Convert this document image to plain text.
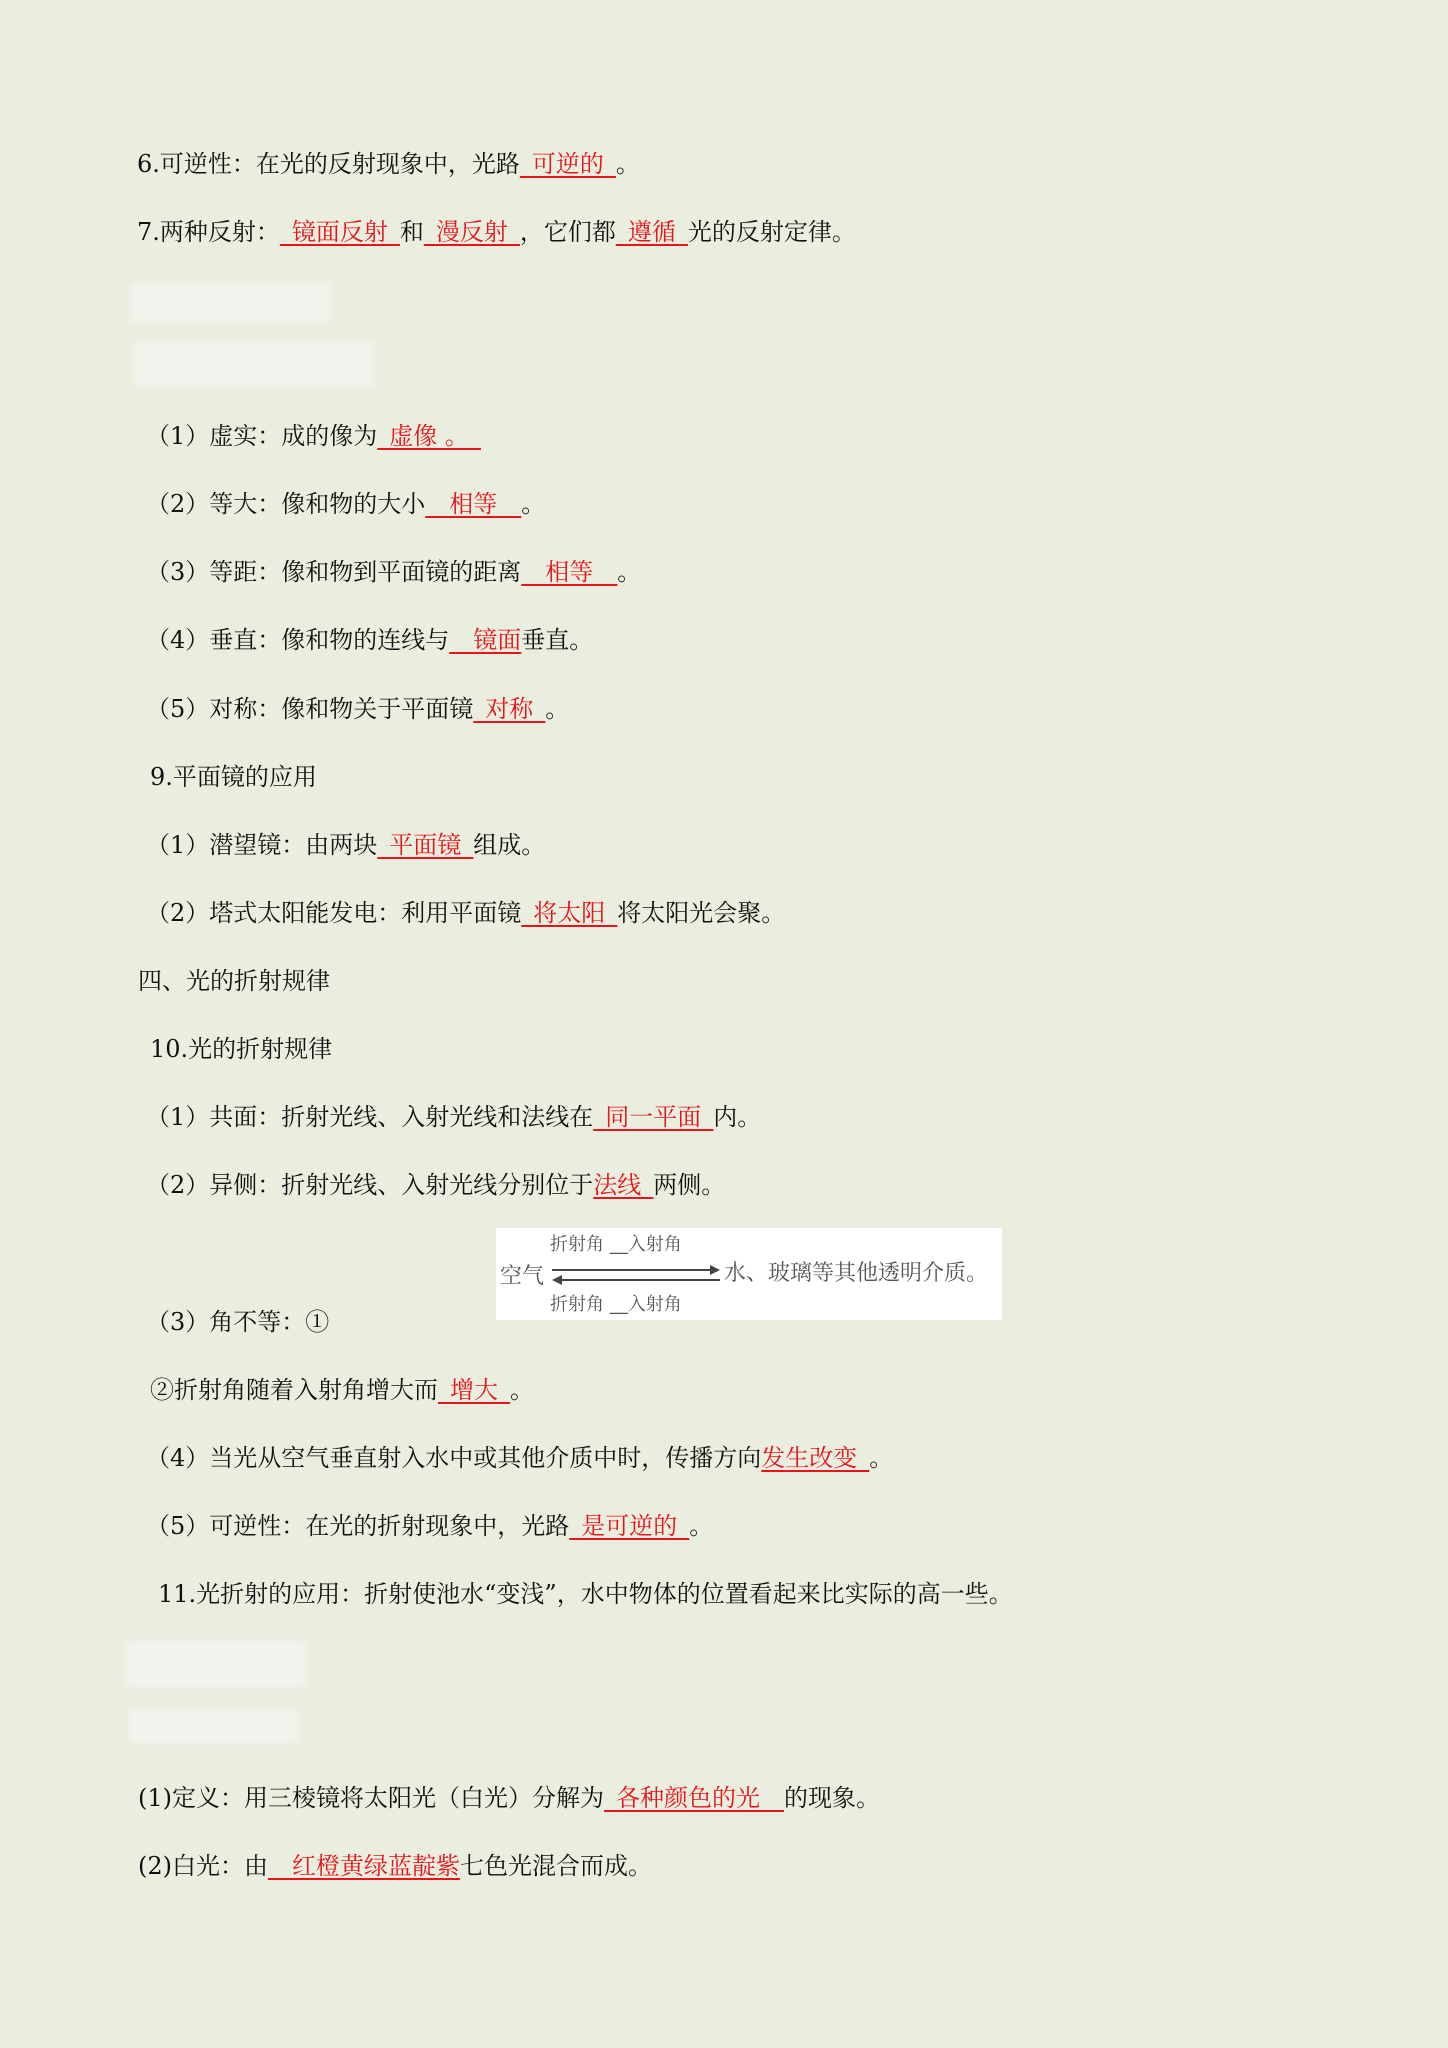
6.可逆性：在光的反射现象中，光路_可逆的_。
7.两种反射：_镜面反射_和_漫反射_，它们都_遵循_光的反射定律。
（1）虚实：成的像为_虚像 。_
（2）等大：像和物的大小__相等__。
（3）等距：像和物到平面镜的距离__相等__。
（4）垂直：像和物的连线与__镜面垂直。
（5）对称：像和物关于平面镜_对称_。
9.平面镜的应用
（1）潜望镜：由两块_平面镜_组成。
（2）塔式太阳能发电：利用平面镜_将太阳_将太阳光会聚。
四、光的折射规律
10.光的折射规律
（1）共面：折射光线、入射光线和法线在_同一平面_内。
（2）异侧：折射光线、入射光线分别位于法线_两侧。
（3）角不等：①
②折射角随着入射角增大而_增大_。
（4）当光从空气垂直射入水中或其他介质中时，传播方向发生改变_。
（5）可逆性：在光的折射现象中，光路_是可逆的_。
11.光折射的应用：折射使池水“变浅”，水中物体的位置看起来比实际的高一些。
(1)定义：用三棱镜将太阳光（白光）分解为_各种颜色的光__的现象。
(2)白光：由__红橙黄绿蓝靛紫七色光混合而成。
空气
折射角 __入射角
折射角 __入射角
水、玻璃等其他透明介质。
